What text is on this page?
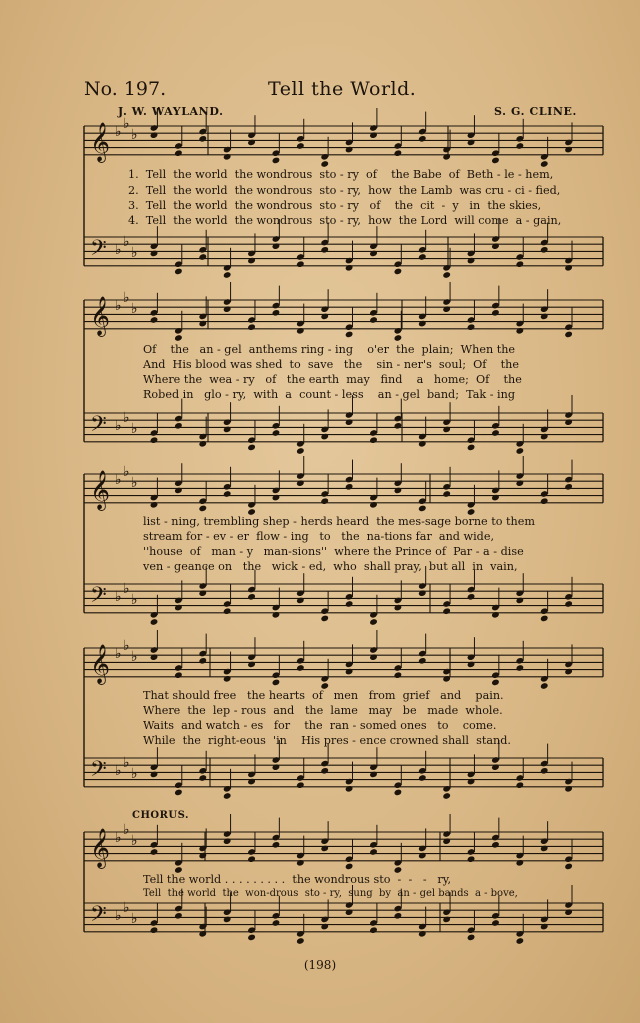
𝄞 ♭ ♭
♭
𝄢 ♭ ♭
♭
𝄞 ♭ ♭
♭
𝄢 ♭ ♭
♭
𝄞 ♭ ♭
♭
𝄢 ♭ ♭
♭
𝄞 ♭ ♭
♭
𝄢 ♭ ♭
♭
𝄞 ♭ ♭
♭
𝄢 ♭ ♭
♭
No. 197.	Tell the World.
J. W. WAYLAND.	S. G. CLINE.
1.  Tell  the world  the wondrous  sto - ry  of    the Babe  of  Beth - le - hem,
2.  Tell  the world  the wondrous  sto - ry,  how  the Lamb  was cru - ci - fied,
3.  Tell  the world  the wondrous  sto - ry   of    the  cit  -  y   in  the skies,
4.  Tell  the world  the wondrous  sto - ry,  how  the Lord  will come  a - gain,
Of    the   an - gel  anthems ring - ing    o'er  the  plain;  When the
And  His blood was shed  to  save   the    sin - ner's  soul;  Of    the
Where the  wea - ry   of   the earth  may   find    a   home;  Of    the
Robed in   glo - ry,  with  a  count - less    an - gel  band;  Tak - ing
list - ning, trembling shep - herds heard  the mes-sage borne to them
stream for - ev - er  flow - ing   to   the  na-tions far  and wide,
''house  of   man - y   man-sions''  where the Prince of  Par - a - dise
ven - geance on   the   wick - ed,  who  shall pray,  but all  in  vain,
That should free   the hearts  of   men   from  grief   and    pain.
Where  the  lep - rous  and   the  lame   may   be   made  whole.
Waits  and watch - es   for    the  ran - somed ones   to    come.
While  the  right-eous  'in    His pres - ence crowned shall  stand.
CHORUS.
Tell the world . . . . . . . . .  the wondrous sto  -  -   -   ry,
Tell  the world  the  won-drous  sto - ry,  sung  by  an - gel bands  a - bove,
(198)
